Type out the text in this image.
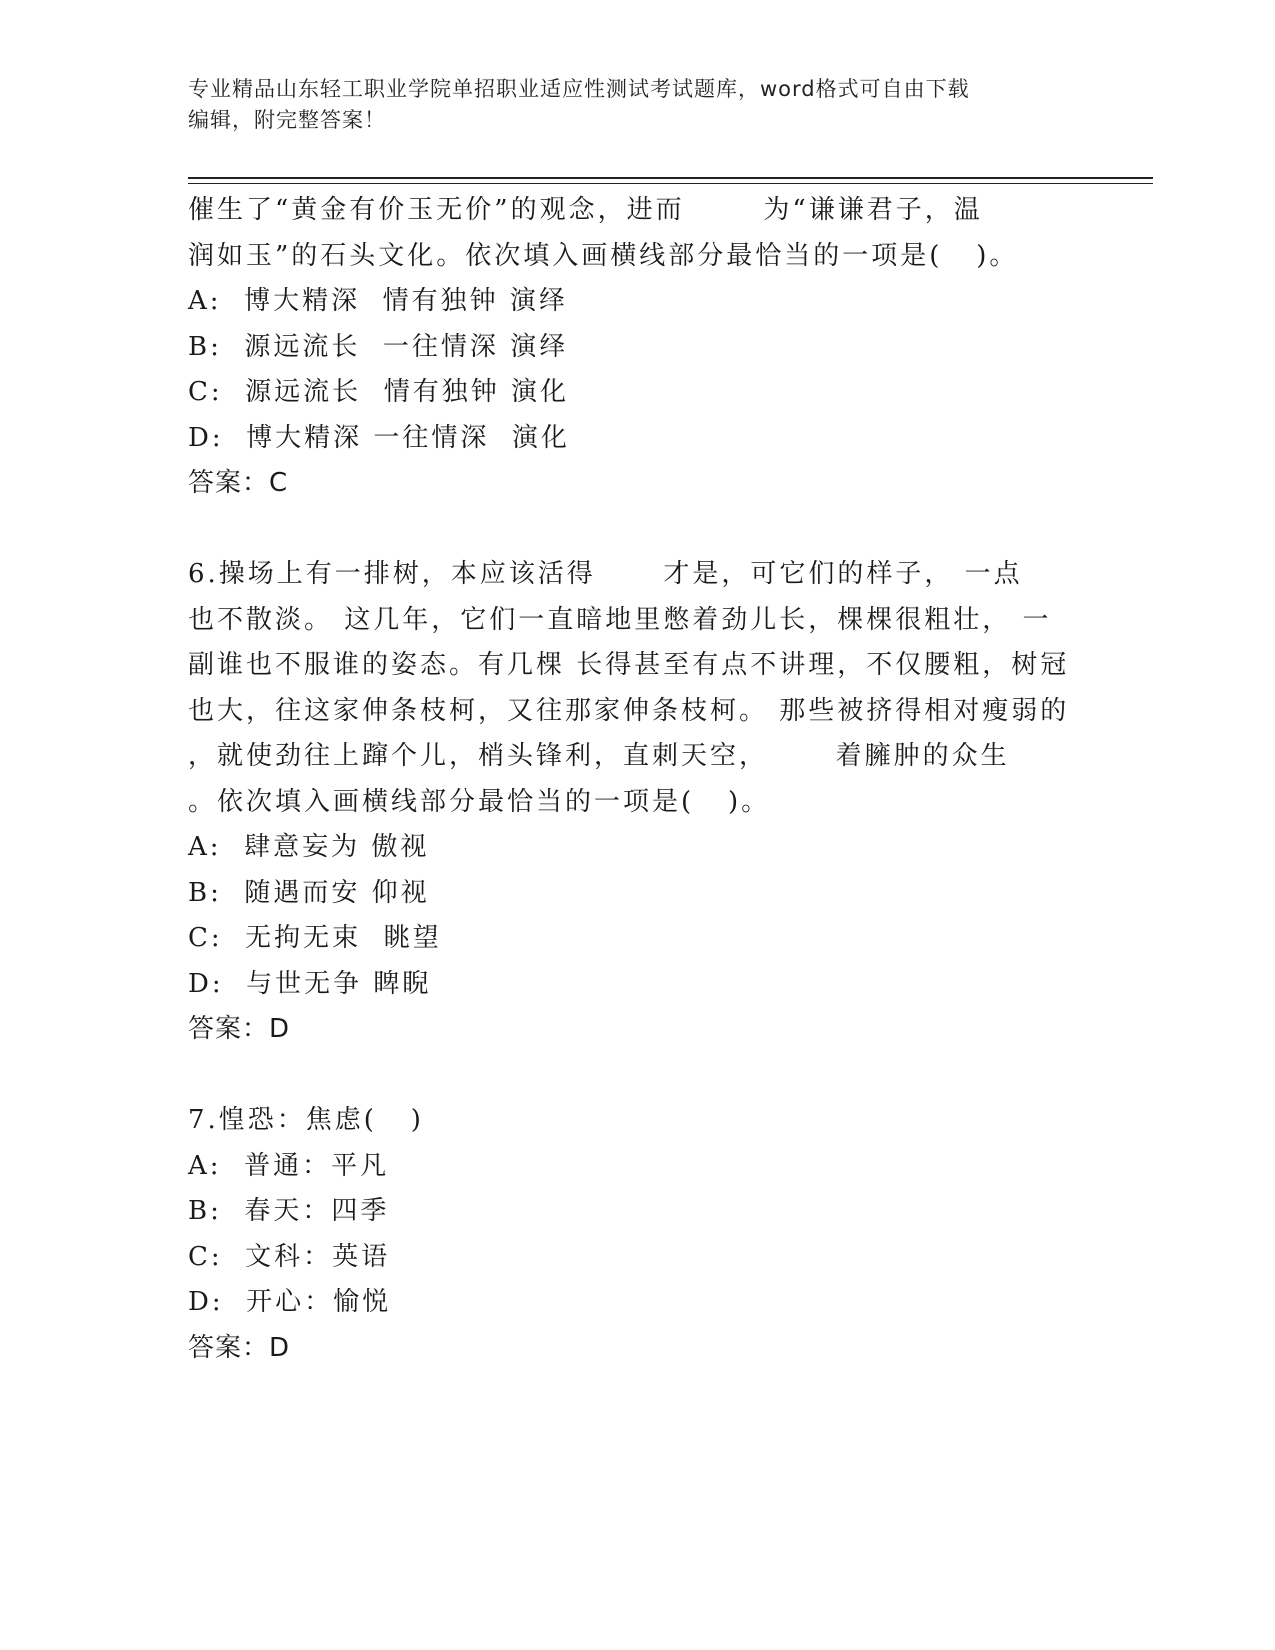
专业精品山东轻工职业学院单招职业适应性测试考试题库，word格式可自由下载
编辑，附完整答案！
催生了“黄金有价玉无价”的观念，进而       为“谦谦君子，温
润如玉”的石头文化。依次填入画横线部分最恰当的一项是(   )。
A:  博大精深  情有独钟 演绎
B:  源远流长  一往情深 演绎
C:  源远流长  情有独钟 演化
D:  博大精深 一往情深  演化
答案：C
6.操场上有一排树，本应该活得      才是，可它们的样子， 一点
也不散淡。 这几年，它们一直暗地里憋着劲儿长，棵棵很粗壮， 一
副谁也不服谁的姿态。有几棵 长得甚至有点不讲理，不仅腰粗，树冠
也大，往这家伸条枝柯，又往那家伸条枝柯。 那些被挤得相对瘦弱的
，就使劲往上蹿个儿，梢头锋利，直刺天空，      着臃肿的众生
。依次填入画横线部分最恰当的一项是(   )。
A:  肆意妄为 傲视
B:  随遇而安 仰视
C:  无拘无束  眺望
D:  与世无争 睥睨
答案：D
7.惶恐：焦虑(   )
A:  普通：平凡
B:  春天：四季
C:  文科：英语
D:  开心：愉悦
答案：D
